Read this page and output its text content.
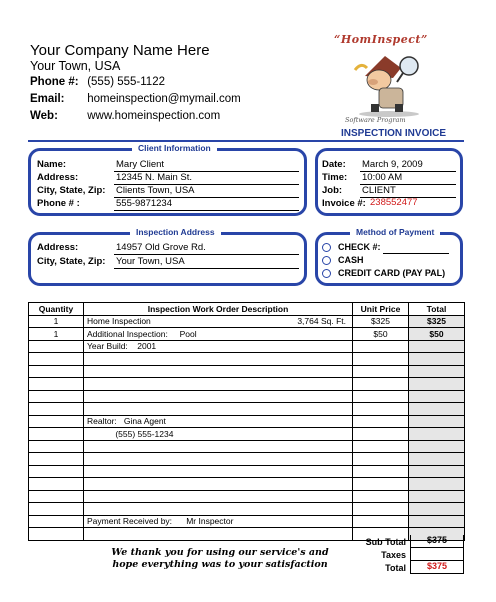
Your Company Name Here
Your Town, USA
Phone #: (555) 555-1122
Email: homeinspection@mymail.com
Web:	www.homeinspection.com
“HomInspect”
Software Program
INSPECTION INVOICE
Client Information
Name:	Mary Client
Address:	12345 N. Main St.
City, State, Zip: Clients Town, USA
Phone # :	555-9871234
Date: March 9, 2009
Time: 10:00 AM
Job: CLIENT
Invoice #: 238552477
Inspection Address
Address:	14957 Old Grove Rd.
City, State, Zip: Your Town, USA
Method of Payment
CHECK #:
CASH
CREDIT CARD (PAY PAL)
Quantity	Inspection Work Order Description	Unit Price	Total
1	Home Inspection 3,764 Sq. Ft.	$325	$325
1	Additional Inspection:     Pool	$50	$50
	Year Build:    2001

	Realtor:   Gina Agent

	(555) 555-1234

	Payment Received by:      Mr Inspector

We thank you for using our service's and
hope everything was to your satisfaction
Sub Total	$375
Taxes
Total	$375
